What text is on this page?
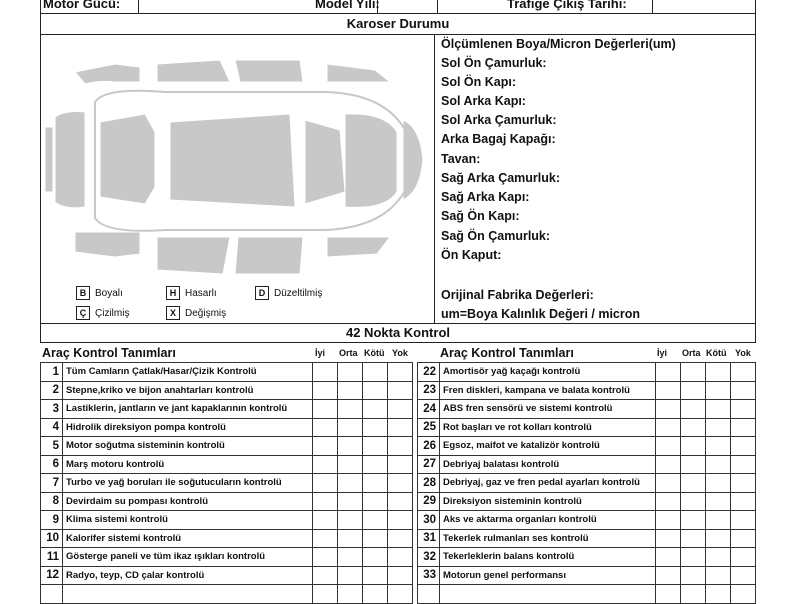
Motor Gücü:	Model Yılı:	Trafiğe Çıkış Tarihi:
Karoser Durumu
B Boyalı	H Hasarlı	D Düzeltilmiş
Ç Çizilmiş	X Değişmiş
Ölçümlenen Boya/Micron Değerleri(um)
Sol Ön Çamurluk:
Sol Ön Kapı:
Sol Arka Kapı:
Sol Arka Çamurluk:
Arka Bagaj Kapağı:
Tavan:
Sağ Arka Çamurluk:
Sağ Arka Kapı:
Sağ Ön Kapı:
Sağ Ön Çamurluk:
Ön Kaput:
Orijinal Fabrika Değerleri:
um=Boya Kalınlık Değeri / micron
42 Nokta Kontrol
Araç Kontrol Tanımları	İyi Orta Kötü Yok	Araç Kontrol Tanımları	İyi Orta Kötü Yok
1	Tüm Camların Çatlak/Hasar/Çizik Kontrolü				
2	Stepne,kriko ve bijon anahtarları kontrolü				
3	Lastiklerin, jantların ve jant kapaklarının kontrolü				
4	Hidrolik direksiyon pompa kontrolü				
5	Motor soğutma sisteminin kontrolü				
6	Marş motoru kontrolü				
7	Turbo ve yağ boruları ile soğutucuların kontrolü				
8	Devirdaim su pompası kontrolü				
9	Klima sistemi kontrolü				
10	Kalorifer sistemi kontrolü				
11	Gösterge paneli ve tüm ikaz ışıkları kontrolü				
12	Radyo, teyp, CD çalar kontrolü				

22	Amortisör yağ kaçağı kontrolü				
23	Fren diskleri, kampana ve balata kontrolü				
24	ABS fren sensörü ve sistemi kontrolü				
25	Rot başları ve rot kolları kontrolü				
26	Egsoz, maifot ve katalizör kontrolü				
27	Debriyaj balatası kontrolü				
28	Debriyaj, gaz ve fren pedal ayarları kontrolü				
29	Direksiyon sisteminin kontrolü				
30	Aks ve aktarma organları kontrolü				
31	Tekerlek rulmanları ses kontrolü				
32	Tekerleklerin balans kontrolü				
33	Motorun genel performansı				
